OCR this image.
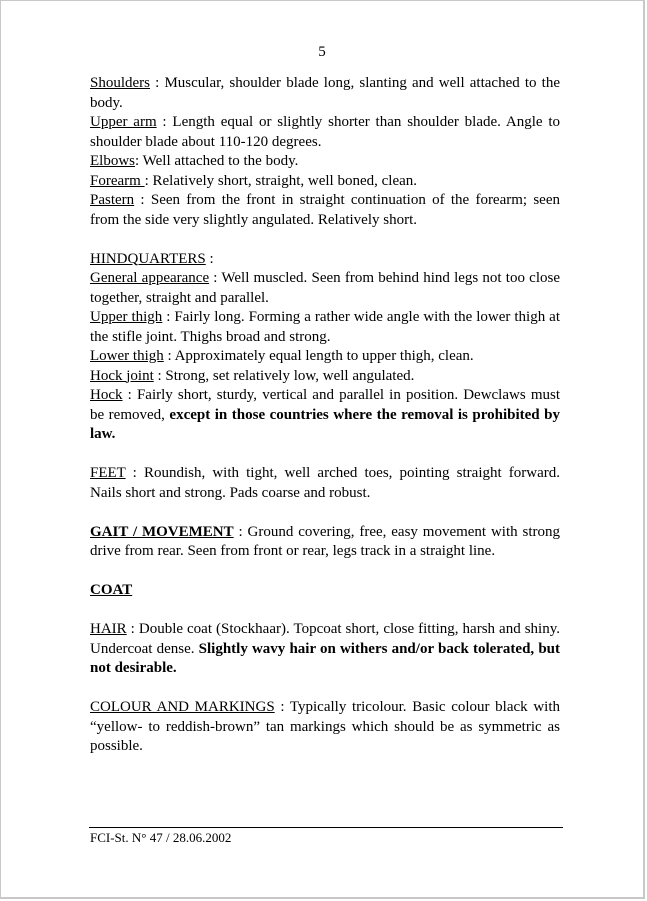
5

Shoulders : Muscular, shoulder blade long, slanting and well attached to the body.

Upper arm : Length equal or slightly shorter than shoulder blade. Angle to shoulder blade about 110-120 degrees.

Elbows: Well attached to the body.

Forearm : Relatively short, straight, well boned, clean.

Pastern : Seen from the front in straight continuation of the forearm; seen from the side very slightly angulated. Relatively short.

HINDQUARTERS :

General appearance : Well muscled. Seen from behind hind legs not too close together, straight and parallel.

Upper thigh : Fairly long. Forming a rather wide angle with the lower thigh at the stifle joint. Thighs broad and strong.

Lower thigh : Approximately equal length to upper thigh, clean.

Hock joint : Strong, set relatively low, well angulated.

Hock : Fairly short, sturdy, vertical and parallel in position. Dewclaws must be removed, except in those countries where the removal is prohibited by law.

FEET : Roundish, with tight, well arched toes, pointing straight forward. Nails short and strong. Pads coarse and robust.

GAIT / MOVEMENT : Ground covering, free, easy movement with strong drive from rear. Seen from front or rear, legs track in a straight line.

COAT

HAIR : Double coat (Stockhaar). Topcoat short, close fitting, harsh and shiny. Undercoat dense. Slightly wavy hair on withers and/or back tolerated, but not desirable.

COLOUR AND MARKINGS : Typically tricolour. Basic colour black with “yellow- to reddish-brown” tan markings which should be as symmetric as possible.

FCI-St. N° 47 / 28.06.2002
